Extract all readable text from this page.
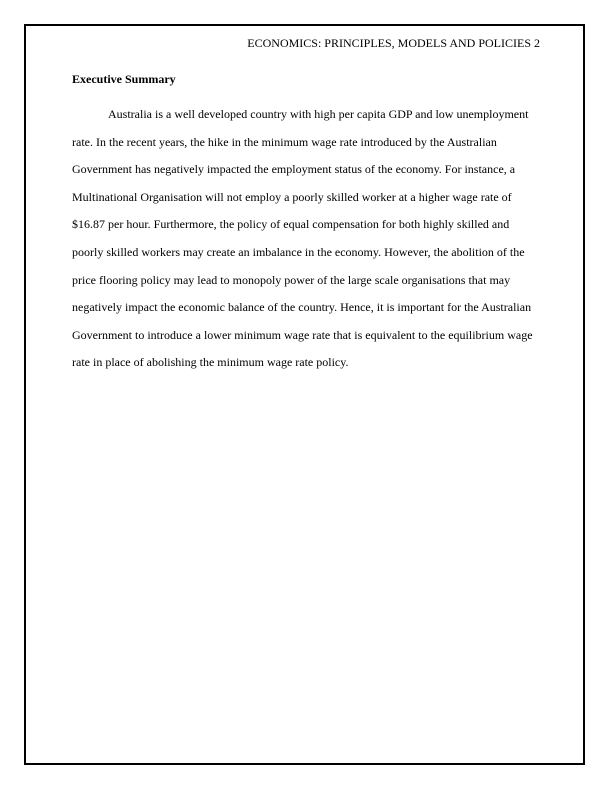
ECONOMICS: PRINCIPLES, MODELS AND POLICIES 2
Executive Summary
Australia is a well developed country with high per capita GDP and low unemployment
rate. In the recent years, the hike in the minimum wage rate introduced by the Australian
Government has negatively impacted the employment status of the economy. For instance, a
Multinational Organisation will not employ a poorly skilled worker at a higher wage rate of
$16.87 per hour. Furthermore, the policy of equal compensation for both highly skilled and
poorly skilled workers may create an imbalance in the economy. However, the abolition of the
price flooring policy may lead to monopoly power of the large scale organisations that may
negatively impact the economic balance of the country. Hence, it is important for the Australian
Government to introduce a lower minimum wage rate that is equivalent to the equilibrium wage
rate in place of abolishing the minimum wage rate policy.
